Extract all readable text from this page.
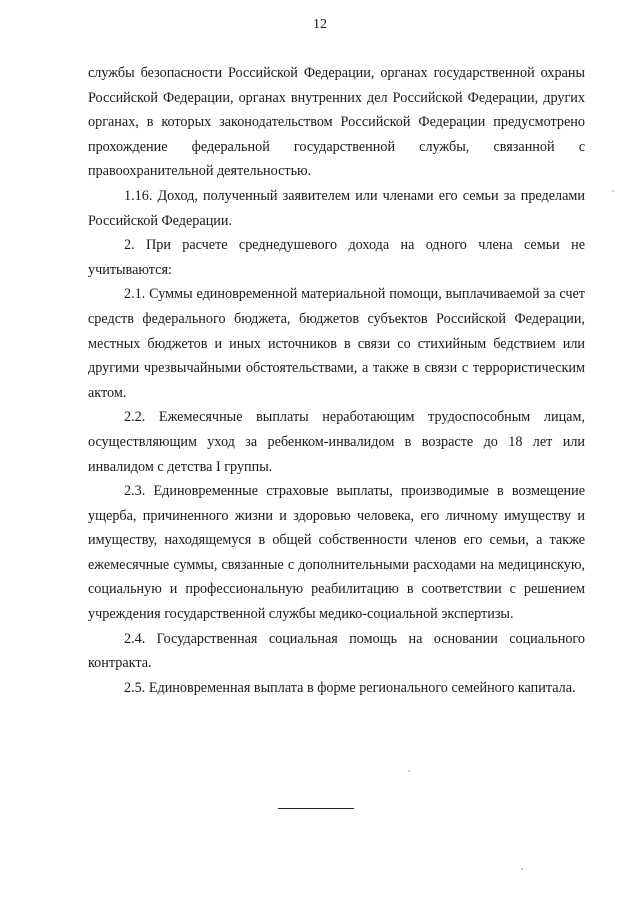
12

службы безопасности Российской Федерации, органах государственной охраны Российской Федерации, органах внутренних дел Российской Федерации, других органах, в которых законодательством Российской Федерации предусмотрено прохождение федеральной государственной службы, связанной с правоохранительной деятельностью.

1.16. Доход, полученный заявителем или членами его семьи за пределами Российской Федерации.

2. При расчете среднедушевого дохода на одного члена семьи не учитываются:

2.1. Суммы единовременной материальной помощи, выплачиваемой за счет средств федерального бюджета, бюджетов субъектов Российской Федерации, местных бюджетов и иных источников в связи со стихийным бедствием или другими чрезвычайными обстоятельствами, а также в связи с террористическим актом.

2.2. Ежемесячные выплаты неработающим трудоспособным лицам, осуществляющим уход за ребенком-инвалидом в возрасте до 18 лет или инвалидом с детства I группы.

2.3. Единовременные страховые выплаты, производимые в возмещение ущерба, причиненного жизни и здоровью человека, его личному имуществу и имуществу, находящемуся в общей собственности членов его семьи, а также ежемесячные суммы, связанные с дополнительными расходами на медицинскую, социальную и профессиональную реабилитацию в соответствии с решением учреждения государственной службы медико-социальной экспертизы.

2.4. Государственная социальная помощь на основании социального контракта.

2.5. Единовременная выплата в форме регионального семейного капитала.
